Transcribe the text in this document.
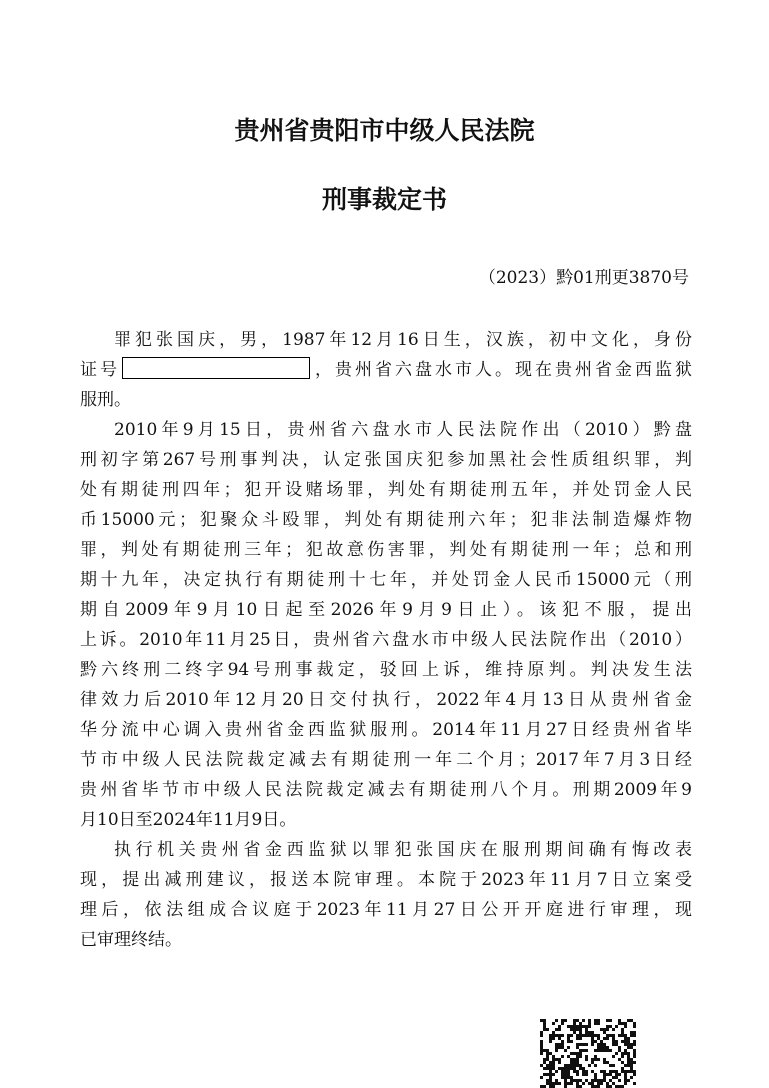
贵州省贵阳市中级人民法院
刑事裁定书
（2023）黔01刑更3870号
罪犯张国庆，男，1987年12月16日生，汉族，初中文化，身份
证号	，贵州省六盘水市人。现在贵州省金西监狱
服刑。
2010年9月15日，贵州省六盘水市人民法院作出（2010）黔盘
刑初字第267号刑事判决，认定张国庆犯参加黑社会性质组织罪，判
处有期徒刑四年；犯开设赌场罪，判处有期徒刑五年，并处罚金人民
币15000元；犯聚众斗殴罪，判处有期徒刑六年；犯非法制造爆炸物
罪，判处有期徒刑三年；犯故意伤害罪，判处有期徒刑一年；总和刑
期十九年，决定执行有期徒刑十七年，并处罚金人民币15000元（刑
期自2009年9月10日起至2026年9月9日止）。该犯不服，提出
上诉。2010年11月25日，贵州省六盘水市中级人民法院作出（2010）
黔六终刑二终字94号刑事裁定，驳回上诉，维持原判。判决发生法
律效力后2010年12月20日交付执行，2022年4月13日从贵州省金
华分流中心调入贵州省金西监狱服刑。2014年11月27日经贵州省毕
节市中级人民法院裁定减去有期徒刑一年二个月；2017年7月3日经
贵州省毕节市中级人民法院裁定减去有期徒刑八个月。刑期2009年9
月10日至2024年11月9日。
执行机关贵州省金西监狱以罪犯张国庆在服刑期间确有悔改表
现，提出减刑建议，报送本院审理。本院于2023年11月7日立案受
理后，依法组成合议庭于2023年11月27日公开开庭进行审理，现
已审理终结。
